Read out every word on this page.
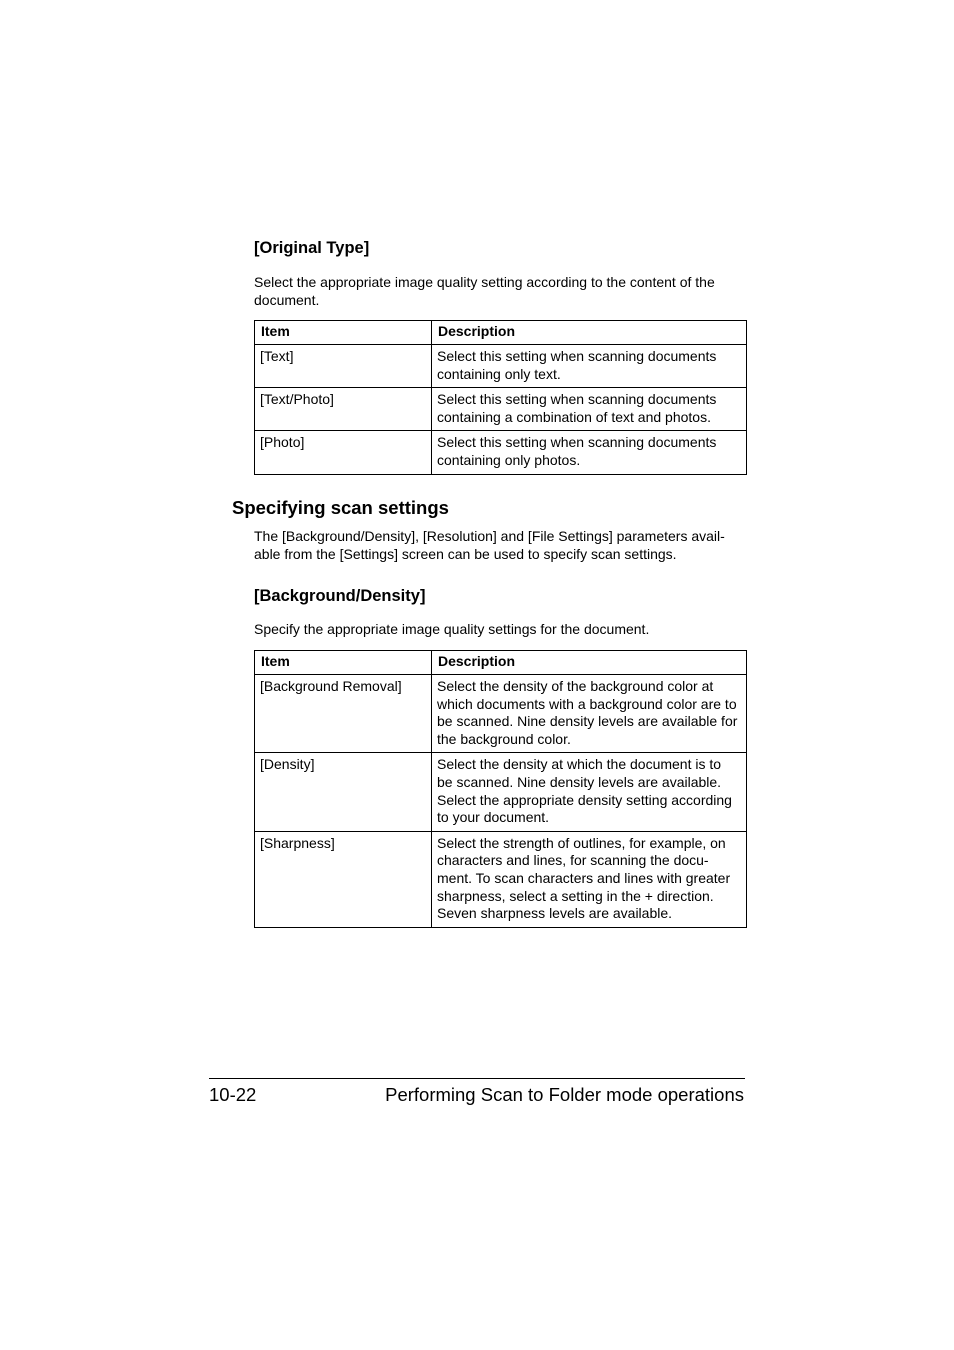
[Original Type]

Select the appropriate image quality setting according to the content of the
document.

Item	Description
[Text]	Select this setting when scanning documents
containing only text.

[Text/Photo]	Select this setting when scanning documents
containing a combination of text and photos.

[Photo]	Select this setting when scanning documents
containing only photos.
Specifying scan settings

The [Background/Density], [Resolution] and [File Settings] parameters avail-
able from the [Settings] screen can be used to specify scan settings.

[Background/Density]

Specify the appropriate image quality settings for the document.

Item	Description
[Background Removal]	Select the density of the background color at
which documents with a background color are to
be scanned. Nine density levels are available for
the background color.

[Density]	Select the density at which the document is to
be scanned. Nine density levels are available.
Select the appropriate density setting according
to your document.

[Sharpness]	Select the strength of outlines, for example, on
characters and lines, for scanning the docu-
ment. To scan characters and lines with greater
sharpness, select a setting in the + direction.
Seven sharpness levels are available.
10-22	Performing Scan to Folder mode operations
